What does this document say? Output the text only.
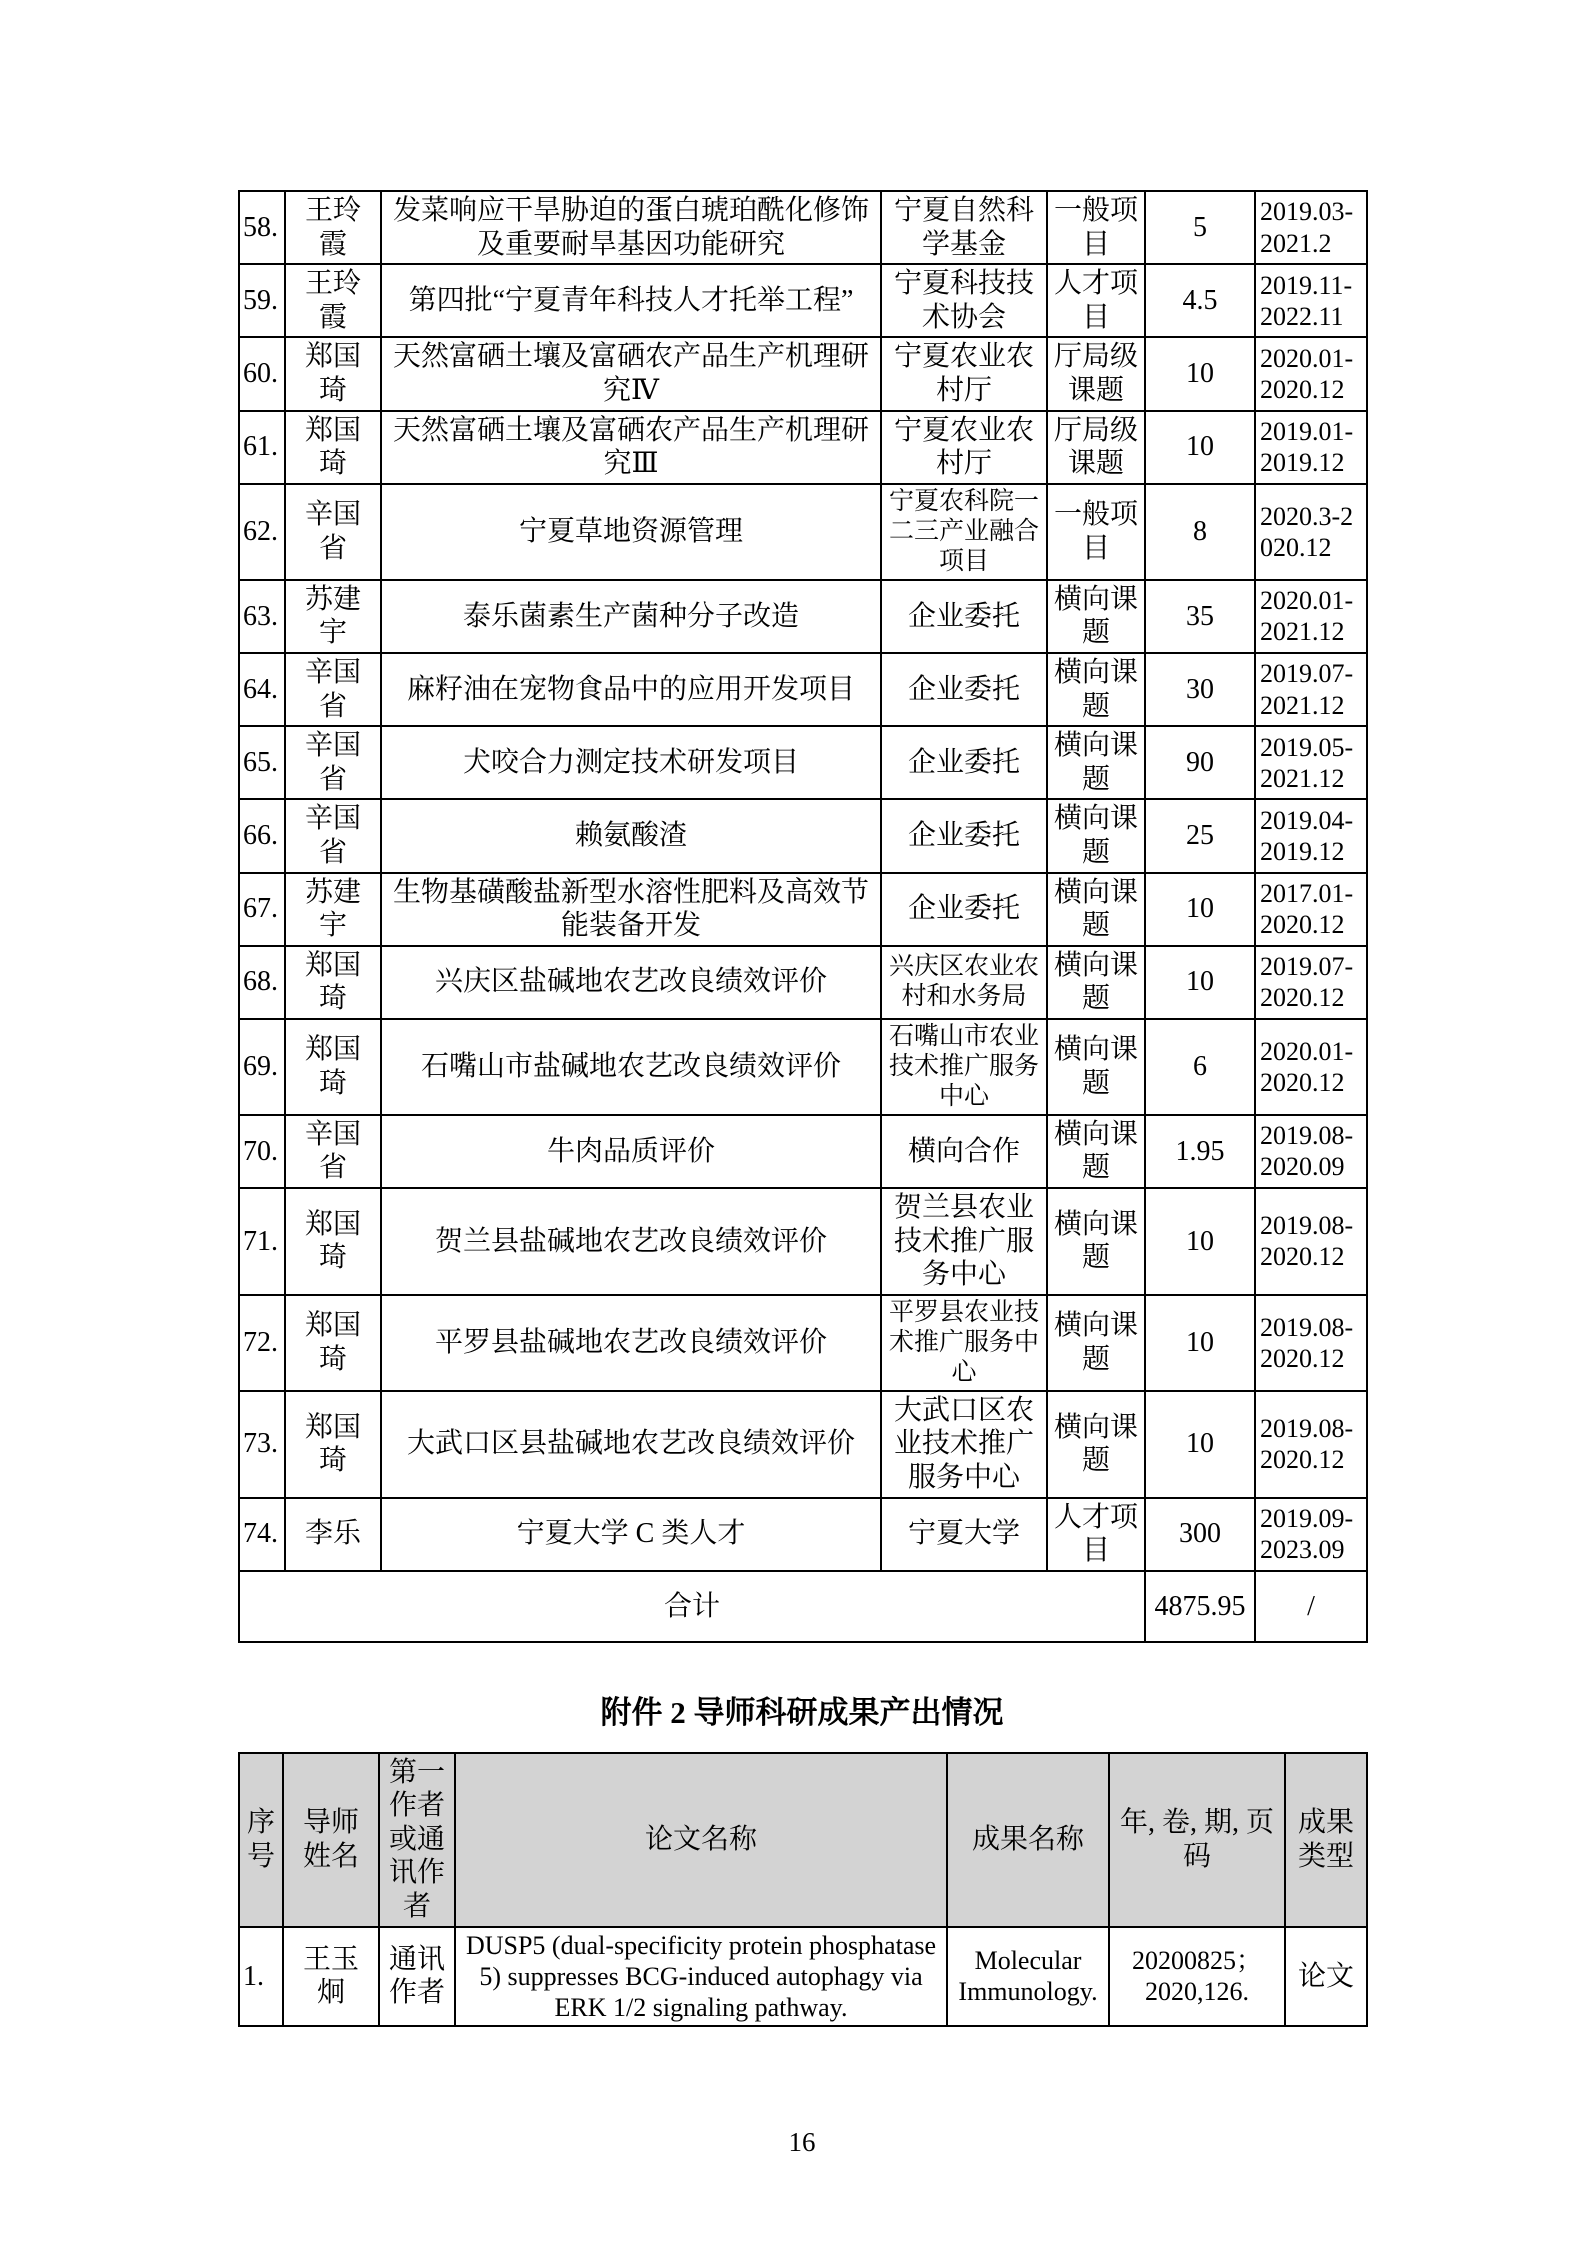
58.	王玲霞	发菜响应干旱胁迫的蛋白琥珀酰化修饰及重要耐旱基因功能研究	宁夏自然科学基金	一般项目	5	2019.03-2021.2
59.	王玲霞	第四批“宁夏青年科技人才托举工程”	宁夏科技技术协会	人才项目	4.5	2019.11-2022.11
60.	郑国琦	天然富硒土壤及富硒农产品生产机理研究Ⅳ	宁夏农业农村厅	厅局级课题	10	2020.01-2020.12
61.	郑国琦	天然富硒土壤及富硒农产品生产机理研究Ⅲ	宁夏农业农村厅	厅局级课题	10	2019.01-2019.12
62.	辛国省	宁夏草地资源管理	宁夏农科院一二三产业融合项目	一般项目	8	2020.3-2020.12
63.	苏建宇	泰乐菌素生产菌种分子改造	企业委托	横向课题	35	2020.01-2021.12
64.	辛国省	麻籽油在宠物食品中的应用开发项目	企业委托	横向课题	30	2019.07-2021.12
65.	辛国省	犬咬合力测定技术研发项目	企业委托	横向课题	90	2019.05-2021.12
66.	辛国省	赖氨酸渣	企业委托	横向课题	25	2019.04-2019.12
67.	苏建宇	生物基磺酸盐新型水溶性肥料及高效节能装备开发	企业委托	横向课题	10	2017.01-2020.12
68.	郑国琦	兴庆区盐碱地农艺改良绩效评价	兴庆区农业农村和水务局	横向课题	10	2019.07-2020.12
69.	郑国琦	石嘴山市盐碱地农艺改良绩效评价	石嘴山市农业技术推广服务中心	横向课题	6	2020.01-2020.12
70.	辛国省	牛肉品质评价	横向合作	横向课题	1.95	2019.08-2020.09
71.	郑国琦	贺兰县盐碱地农艺改良绩效评价	贺兰县农业技术推广服务中心	横向课题	10	2019.08-2020.12
72.	郑国琦	平罗县盐碱地农艺改良绩效评价	平罗县农业技术推广服务中心	横向课题	10	2019.08-2020.12
73.	郑国琦	大武口区县盐碱地农艺改良绩效评价	大武口区农业技术推广服务中心	横向课题	10	2019.08-2020.12
74.	李乐	宁夏大学 C 类人才	宁夏大学	人才项目	300	2019.09-2023.09
合计					4875.95	/
附件 2 导师科研成果产出情况
序号	导师姓名	第一作者或通讯作者	论文名称	成果名称	年, 卷, 期, 页码	成果类型
1.	王玉炯	通讯作者	DUSP5 (dual-specificity protein phosphatase 5) suppresses BCG-induced autophagy via ERK 1/2 signaling pathway.	Molecular Immunology.	20200825；2020,126.	论文
16
